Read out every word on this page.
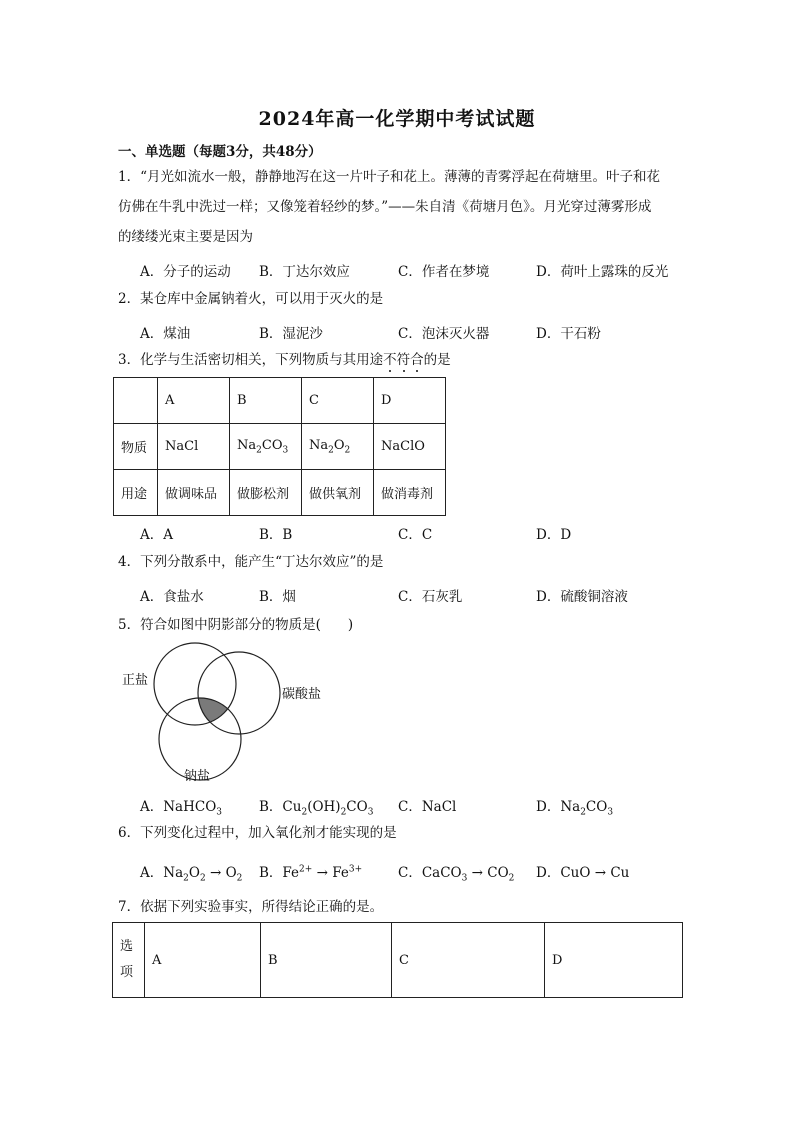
2024年高一化学期中考试试题
一、单选题（每题3分，共48分）
1．“月光如流水一般，静静地泻在这一片叶子和花上。薄薄的青雾浮起在荷塘里。叶子和花
仿佛在牛乳中洗过一样；又像笼着轻纱的梦。”——朱自清《荷塘月色》。月光穿过薄雾形成
的缕缕光束主要是因为
A．分子的运动 B．丁达尔效应	C．作者在梦境	D．荷叶上露珠的反光
2．某仓库中金属钠着火，可以用于灭火的是
A．煤油	B．湿泥沙	C．泡沫灭火器	D．干石粉
3．化学与生活密切相关，下列物质与其用途不符合的是
	A	B	C	D
物质	NaCl	$Na_2CO_3$	$Na_2O_2$	NaClO
用途	做调味品	做膨松剂	做供氧剂	做消毒剂
A．A	B．B	C．C	D．D
4．下列分散系中，能产生“丁达尔效应”的是
A．食盐水	B．烟	C．石灰乳	D．硫酸铜溶液
5．符合如图中阴影部分的物质是(　　)
正盐
碳酸盐
钠盐
A．NaHCO$_3$	B．$Cu_2(OH)_2CO_3$ C．NaCl	D．$Na_2CO_3$
6．下列变化过程中，加入氧化剂才能实现的是
A．$Na_2O_2 \to O_2$ B．$Fe^{2+} \to Fe^{3+}$	C．CaCO$_3$ → $CO_2$ D．CuO → Cu
7．依据下列实验事实，所得结论正确的是。
选
项	A	B	C	D
